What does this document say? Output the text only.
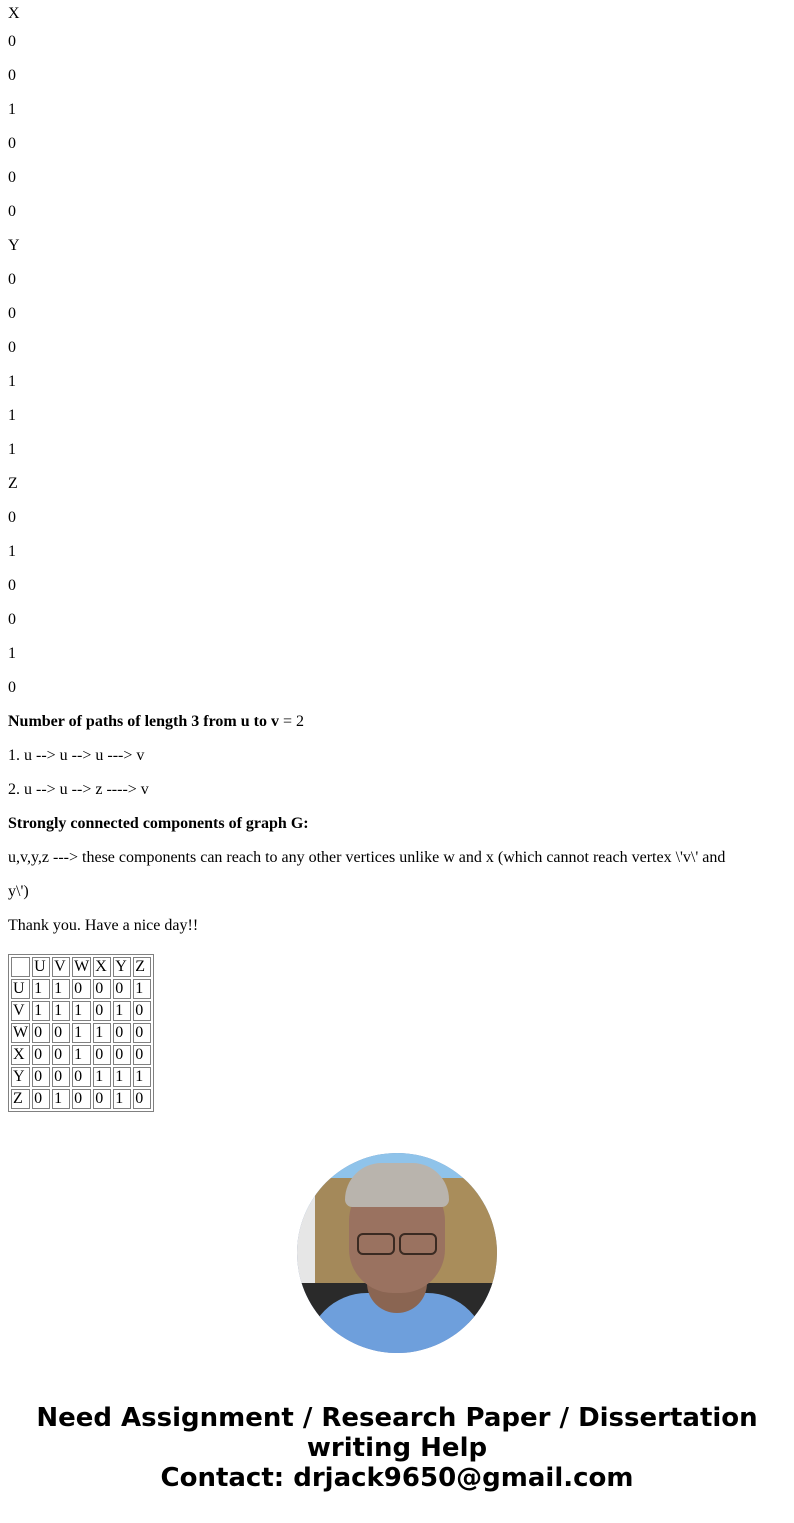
X
0
0
1
0
0
0
Y
0
0
0
1
1
1
Z
0
1
0
0
1
0
Number of paths of length 3 from u to v = 2
1. u --> u --> u ---> v
2. u --> u --> z ----> v
Strongly connected components of graph G:
u,v,y,z ---> these components can reach to any other vertices unlike w and x (which cannot reach vertex \'v\' and
y\')
Thank you. Have a nice day!!
	U	V	W	X	Y	Z
U	1	1	0	0	0	1
V	1	1	1	0	1	0
W	0	0	1	1	0	0
X	0	0	1	0	0	0
Y	0	0	0	1	1	1
Z	0	1	0	0	1	0
Need Assignment / Research Paper / Dissertation
writing Help
Contact: drjack9650@gmail.com
